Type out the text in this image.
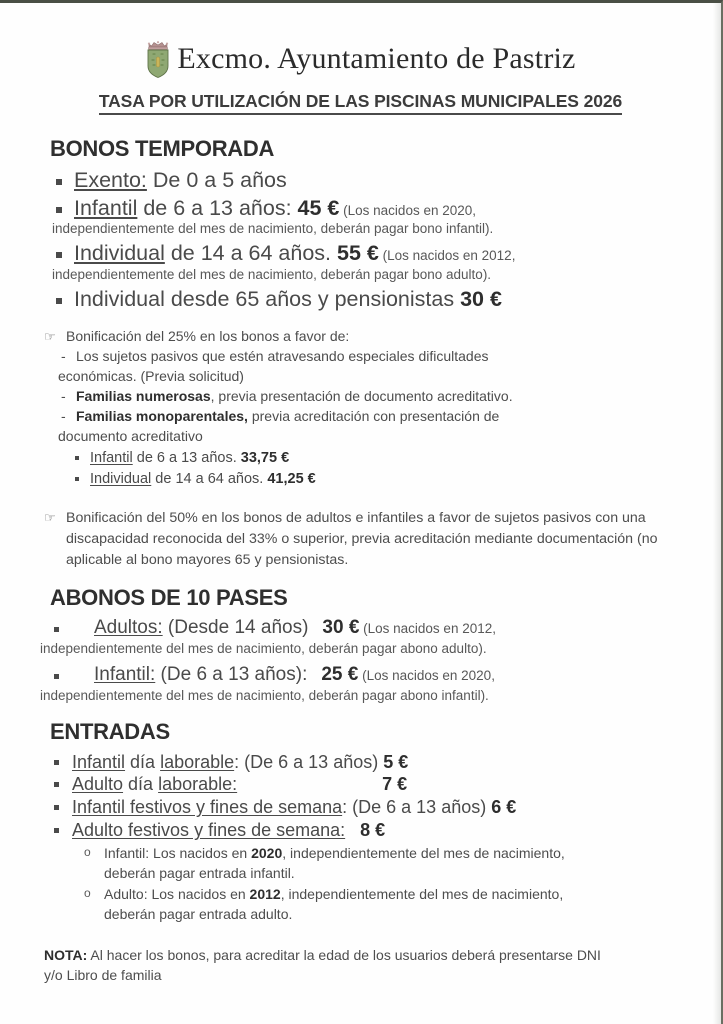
Excmo. Ayuntamiento de Pastriz
TASA POR UTILIZACIÓN DE LAS PISCINAS MUNICIPALES 2026
BONOS TEMPORADA
Exento: De 0 a 5 años
Infantil de 6 a 13 años: 45 € (Los nacidos en 2020,
independientemente del mes de nacimiento, deberán pagar bono infantil).
Individual de 14 a 64 años. 55 € (Los nacidos en 2012,
independientemente del mes de nacimiento, deberán pagar bono adulto).
Individual desde 65 años y pensionistas 30 €
☞ Bonificación del 25% en los bonos a favor de:
- Los sujetos pasivos que estén atravesando especiales dificultades
económicas. (Previa solicitud)
- Familias numerosas, previa presentación de documento acreditativo.
- Familias monoparentales, previa acreditación con presentación de
documento acreditativo
Infantil de 6 a 13 años. 33,75 €
Individual de 14 a 64 años. 41,25 €
☞ Bonificación del 50% en los bonos de adultos e infantiles a favor de sujetos pasivos con una discapacidad reconocida del 33% o superior, previa acreditación mediante documentación (no aplicable al bono mayores 65 y pensionistas.
ABONOS DE 10 PASES
Adultos: (Desde 14 años) 30 € (Los nacidos en 2012,
independientemente del mes de nacimiento, deberán pagar abono adulto).
Infantil: (De 6 a 13 años): 25 € (Los nacidos en 2020,
independientemente del mes de nacimiento, deberán pagar abono infantil).
ENTRADAS
Infantil día laborable: (De 6 a 13 años) 5 €
Adulto día laborable:	7 €
Infantil festivos y fines de semana: (De 6 a 13 años) 6 €
Adulto festivos y fines de semana: 8 €
o Infantil: Los nacidos en 2020, independientemente del mes de nacimiento,
deberán pagar entrada infantil.
o Adulto: Los nacidos en 2012, independientemente del mes de nacimiento,
deberán pagar entrada adulto.
NOTA: Al hacer los bonos, para acreditar la edad de los usuarios deberá presentarse DNI y/o Libro de familia
